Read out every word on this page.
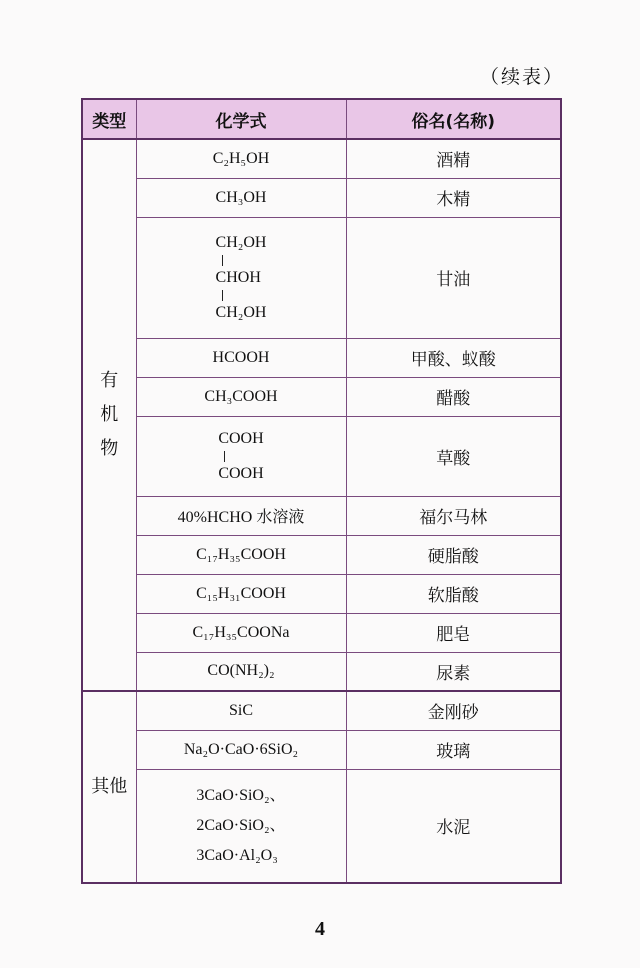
（续表）
类型	化学式	俗名(名称)
有
机
物	C₂H₅OH	酒精
	CH₃OH	木精

	CH₂OH
CHOH
CH₂OH	甘油
	HCOOH	甲酸、蚁酸
	CH₃COOH	醋酸

	COOH
COOH	草酸
	40%HCHO 水溶液	福尔马林
	C₁₇H₃₅COOH	硬脂酸
	C₁₅H₃₁COOH	软脂酸
	C₁₇H₃₅COONa	肥皂
	CO(NH₂)₂	尿素
其他	SiC	金刚砂
	Na₂O·CaO·6SiO₂	玻璃

	3CaO·SiO₂、
2CaO·SiO₂、
3CaO·Al₂O₃	水泥
4
